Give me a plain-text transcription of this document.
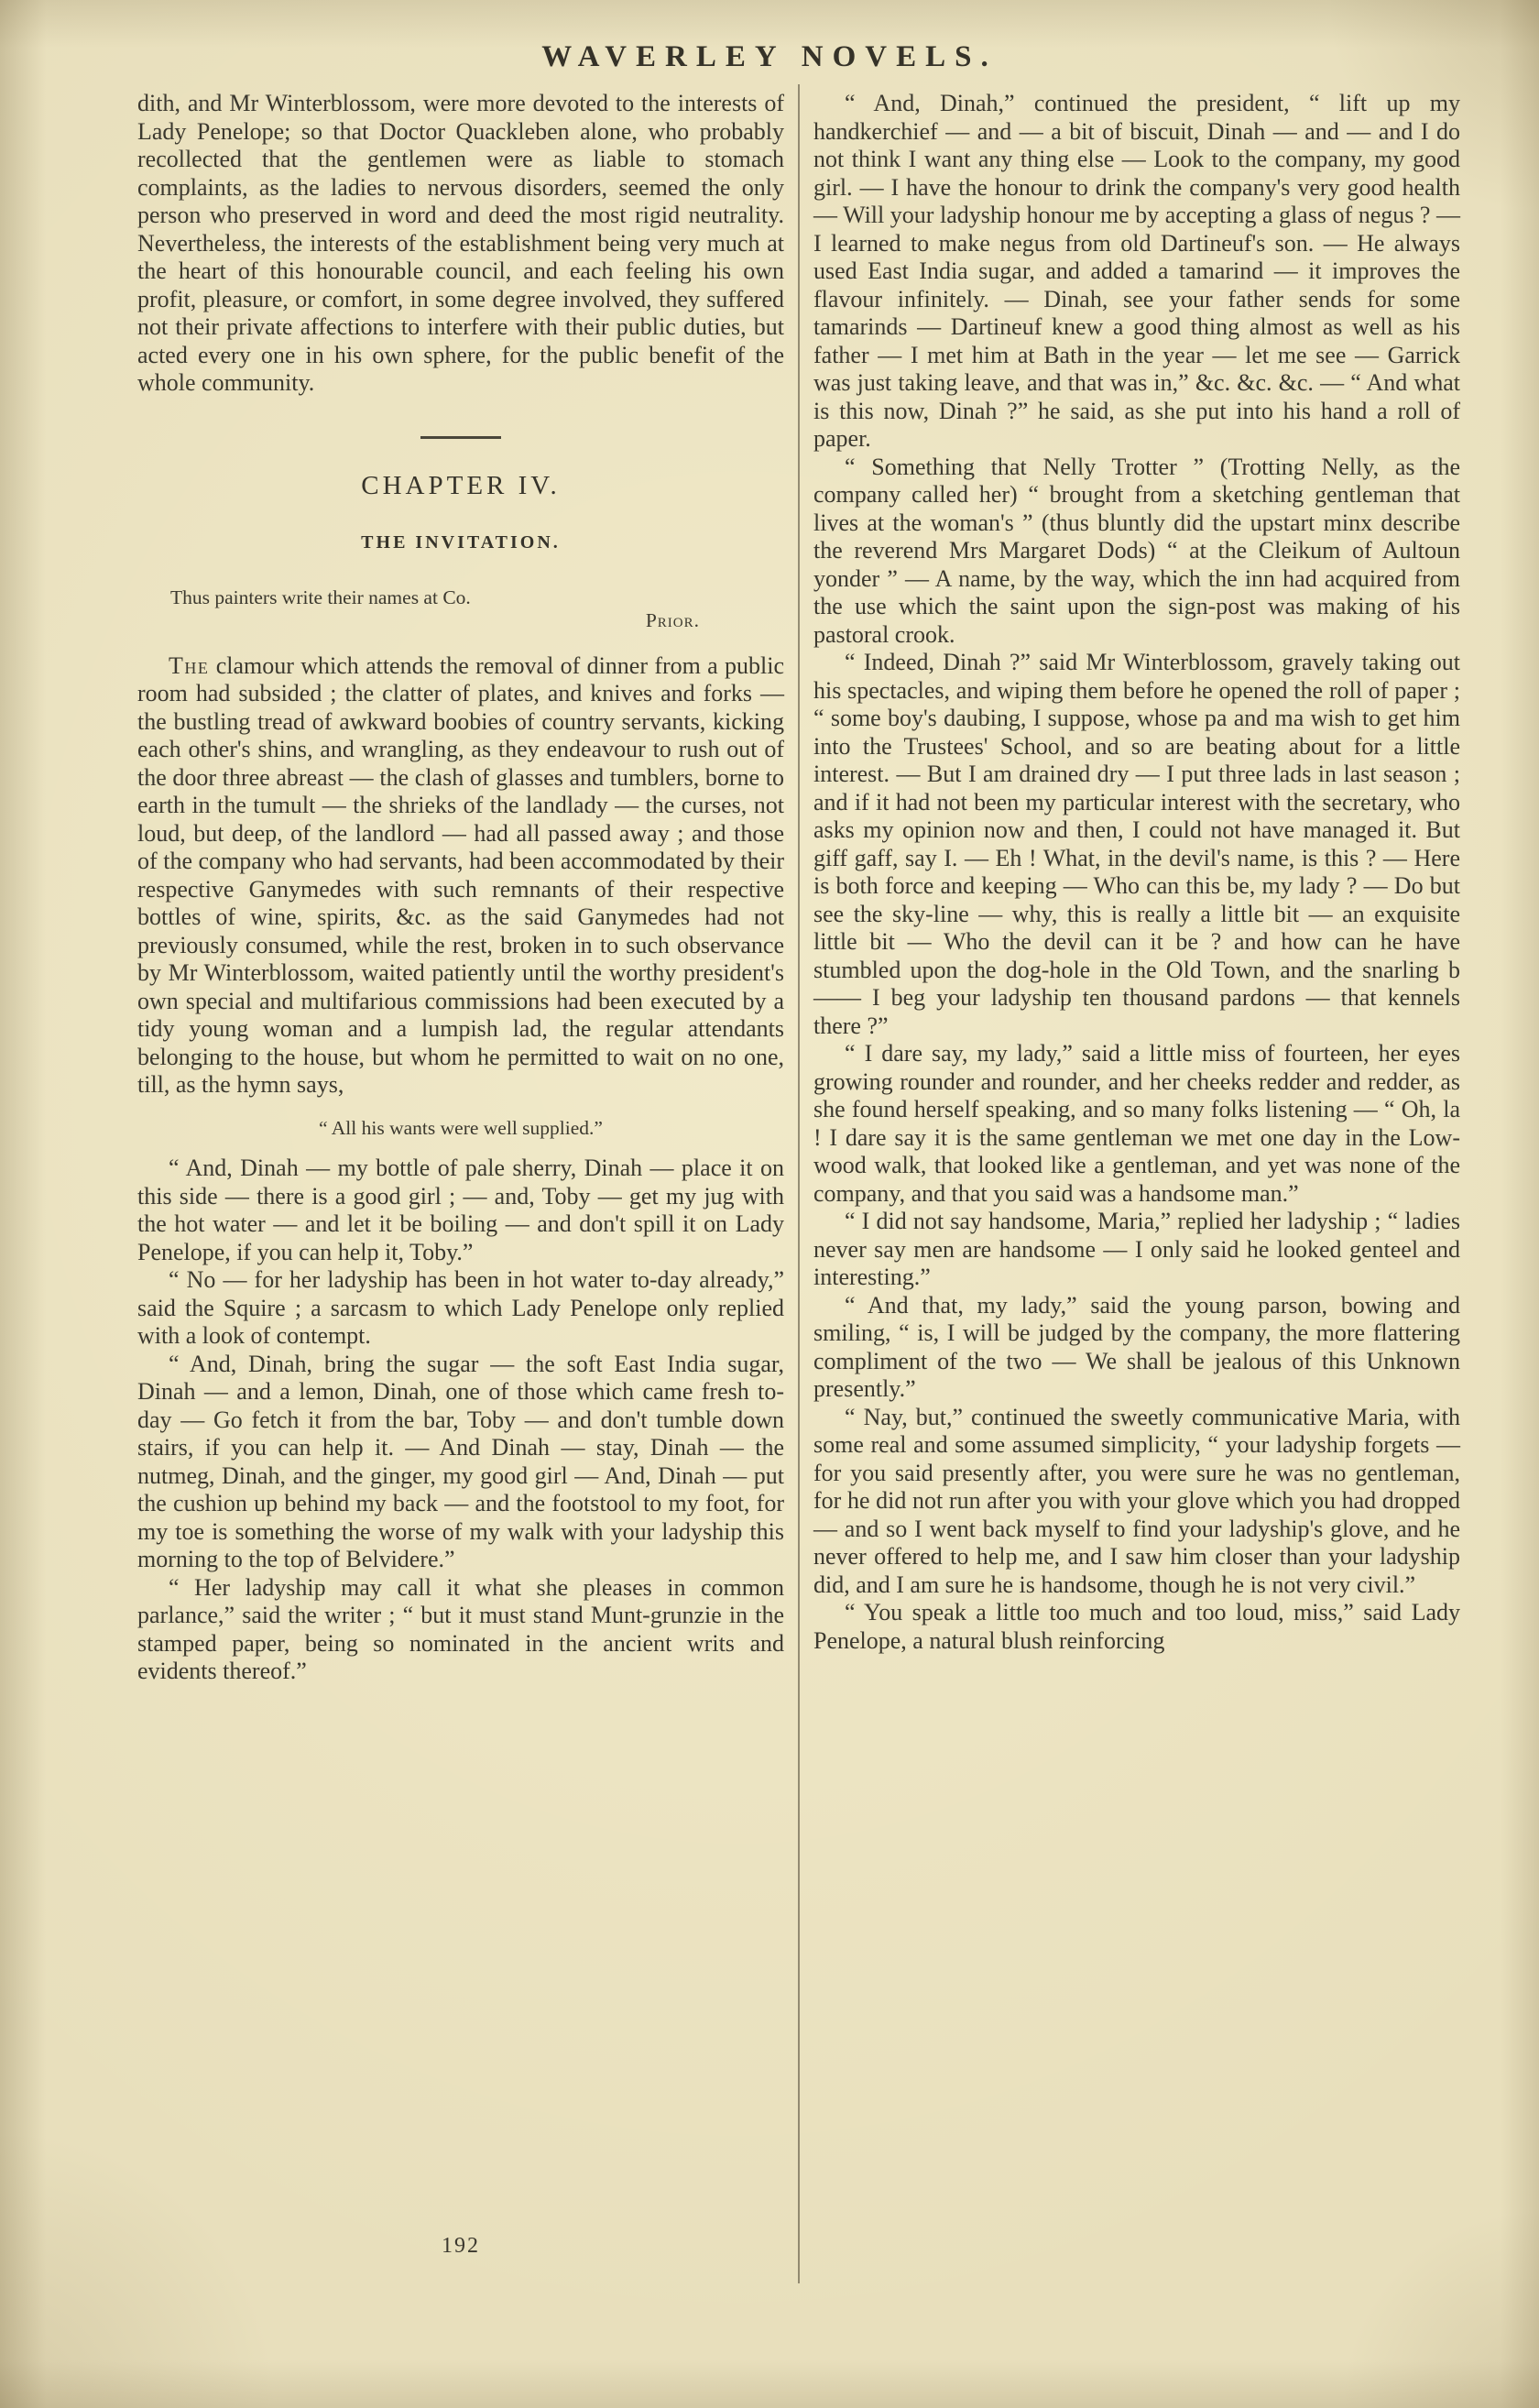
WAVERLEY NOVELS.

dith, and Mr Winterblossom, were more devoted to the interests of Lady Penelope; so that Doctor Quackleben alone, who probably recollected that the gentlemen were as liable to stomach complaints, as the ladies to nervous disorders, seemed the only person who preserved in word and deed the most rigid neutrality. Nevertheless, the interests of the establishment being very much at the heart of this honourable council, and each feeling his own profit, pleasure, or comfort, in some degree involved, they suffered not their private affections to interfere with their public duties, but acted every one in his own sphere, for the public benefit of the whole community.

CHAPTER IV.
THE INVITATION.
Thus painters write their names at Co.
Prior.

The clamour which attends the removal of dinner from a public room had subsided ; the clatter of plates, and knives and forks — the bustling tread of awkward boobies of country servants, kicking each other's shins, and wrangling, as they endeavour to rush out of the door three abreast — the clash of glasses and tumblers, borne to earth in the tumult — the shrieks of the landlady — the curses, not loud, but deep, of the landlord — had all passed away ; and those of the company who had servants, had been accommodated by their respective Ganymedes with such remnants of their respective bottles of wine, spirits, &c. as the said Ganymedes had not previously consumed, while the rest, broken in to such observance by Mr Winterblossom, waited patiently until the worthy president's own special and multifarious commissions had been executed by a tidy young woman and a lumpish lad, the regular attendants belonging to the house, but whom he permitted to wait on no one, till, as the hymn says,

“ All his wants were well supplied.”

“ And, Dinah — my bottle of pale sherry, Dinah — place it on this side — there is a good girl ; — and, Toby — get my jug with the hot water — and let it be boiling — and don't spill it on Lady Penelope, if you can help it, Toby.”

“ No — for her ladyship has been in hot water to-day already,” said the Squire ; a sarcasm to which Lady Penelope only replied with a look of contempt.

“ And, Dinah, bring the sugar — the soft East India sugar, Dinah — and a lemon, Dinah, one of those which came fresh to-day — Go fetch it from the bar, Toby — and don't tumble down stairs, if you can help it. — And Dinah — stay, Dinah — the nutmeg, Dinah, and the ginger, my good girl — And, Dinah — put the cushion up behind my back — and the footstool to my foot, for my toe is something the worse of my walk with your ladyship this morning to the top of Belvidere.”

“ Her ladyship may call it what she pleases in common parlance,” said the writer ; “ but it must stand Munt-grunzie in the stamped paper, being so nominated in the ancient writs and evidents thereof.”

“ And, Dinah,” continued the president, “ lift up my handkerchief — and — a bit of biscuit, Dinah — and — and I do not think I want any thing else — Look to the company, my good girl. — I have the honour to drink the company's very good health — Will your ladyship honour me by accepting a glass of negus ? — I learned to make negus from old Dartineuf's son. — He always used East India sugar, and added a tamarind — it improves the flavour infinitely. — Dinah, see your father sends for some tamarinds — Dartineuf knew a good thing almost as well as his father — I met him at Bath in the year — let me see — Garrick was just taking leave, and that was in,” &c. &c. &c. — “ And what is this now, Dinah ?” he said, as she put into his hand a roll of paper.

“ Something that Nelly Trotter ” (Trotting Nelly, as the company called her) “ brought from a sketching gentleman that lives at the woman's ” (thus bluntly did the upstart minx describe the reverend Mrs Margaret Dods) “ at the Cleikum of Aultoun yonder ” — A name, by the way, which the inn had acquired from the use which the saint upon the sign-post was making of his pastoral crook.

“ Indeed, Dinah ?” said Mr Winterblossom, gravely taking out his spectacles, and wiping them before he opened the roll of paper ; “ some boy's daubing, I suppose, whose pa and ma wish to get him into the Trustees' School, and so are beating about for a little interest. — But I am drained dry — I put three lads in last season ; and if it had not been my particular interest with the secretary, who asks my opinion now and then, I could not have managed it. But giff gaff, say I. — Eh ! What, in the devil's name, is this ? — Here is both force and keeping — Who can this be, my lady ? — Do but see the sky-line — why, this is really a little bit — an exquisite little bit — Who the devil can it be ? and how can he have stumbled upon the dog-hole in the Old Town, and the snarling b—— I beg your ladyship ten thousand pardons — that kennels there ?”

“ I dare say, my lady,” said a little miss of fourteen, her eyes growing rounder and rounder, and her cheeks redder and redder, as she found herself speaking, and so many folks listening — “ Oh, la ! I dare say it is the same gentleman we met one day in the Low-wood walk, that looked like a gentleman, and yet was none of the company, and that you said was a handsome man.”

“ I did not say handsome, Maria,” replied her ladyship ; “ ladies never say men are handsome — I only said he looked genteel and interesting.”

“ And that, my lady,” said the young parson, bowing and smiling, “ is, I will be judged by the company, the more flattering compliment of the two — We shall be jealous of this Unknown presently.”

“ Nay, but,” continued the sweetly communicative Maria, with some real and some assumed simplicity, “ your ladyship forgets — for you said presently after, you were sure he was no gentleman, for he did not run after you with your glove which you had dropped — and so I went back myself to find your ladyship's glove, and he never offered to help me, and I saw him closer than your ladyship did, and I am sure he is handsome, though he is not very civil.”

“ You speak a little too much and too loud, miss,” said Lady Penelope, a natural blush reinforcing

192
